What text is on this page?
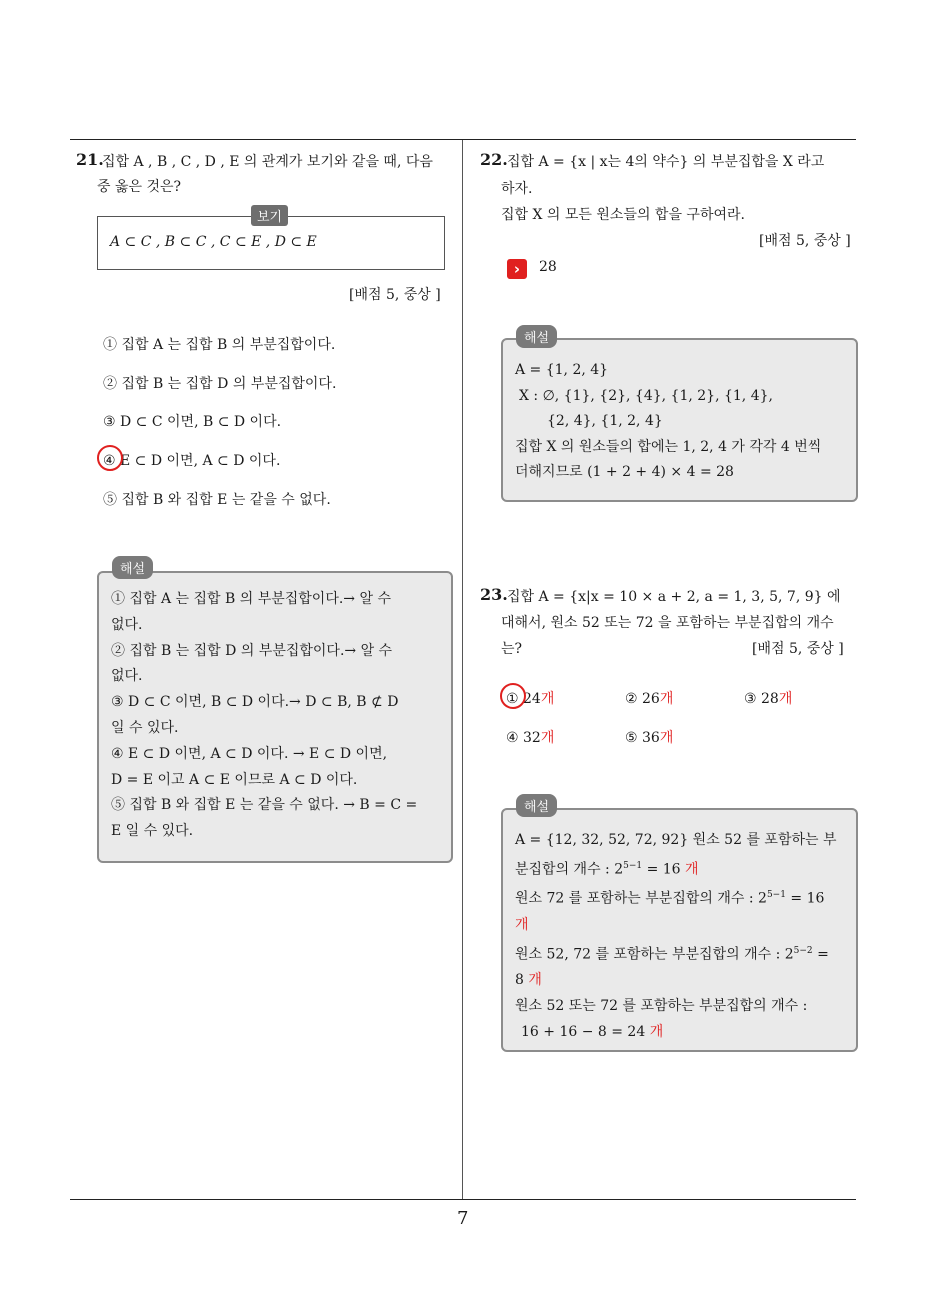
7
21.
집합 A , B , C , D , E 의 관계가 보기와 같을 때, 다음
중 옳은 것은?
보기
A ⊂ C , B ⊂ C , C ⊂ E , D ⊂ E
[배점 5, 중상 ]
① 집합 A 는 집합 B 의 부분집합이다.
② 집합 B 는 집합 D 의 부분집합이다.
③ D ⊂ C 이면, B ⊂ D 이다.
④ E ⊂ D 이면, A ⊂ D 이다.
⑤ 집합 B 와 집합 E 는 같을 수 없다.
① 집합 A 는 집합 B 의 부분집합이다.→ 알 수
없다.
② 집합 B 는 집합 D 의 부분집합이다.→ 알 수
없다.
③ D ⊂ C 이면, B ⊂ D 이다.→ D ⊂ B, B ⊄ D
일 수 있다.
④ E ⊂ D 이면, A ⊂ D 이다. → E ⊂ D 이면,
D = E 이고 A ⊂ E 이므로 A ⊂ D 이다.
⑤ 집합 B 와 집합 E 는 같을 수 없다. → B = C =
E 일 수 있다.
해설
22. 집합 A = {x | x는 4의 약수} 의 부분집합을 X 라고
하자.
집합 X 의 모든 원소들의 합을 구하여라.
[배점 5, 중상 ]
›	28
A = {1, 2, 4}
X : ∅, {1}, {2}, {4}, {1, 2}, {1, 4},
{2, 4}, {1, 2, 4}
집합 X 의 원소들의 합에는 1, 2, 4 가 각각 4 번씩
더해지므로 (1 + 2 + 4) × 4 = 28
해설
23. 집합 A = {x|x = 10 × a + 2, a = 1, 3, 5, 7, 9} 에
대해서, 원소 52 또는 72 을 포함하는 부분집합의 개수
는?	[배점 5, 중상 ]
① 24개	② 26개	③ 28개
④ 32개	⑤ 36개
A = {12, 32, 52, 72, 92} 원소 52 를 포함하는 부
분집합의 개수 : $2^{5-1} = 16$ 개
원소 72 를 포함하는 부분집합의 개수 : $2^{5-1} = 16$
개
원소 52, 72 를 포함하는 부분집합의 개수 : $2^{5-2}$ =
8 개
원소 52 또는 72 를 포함하는 부분집합의 개수 :
16 + 16 − 8 = 24 개
해설
